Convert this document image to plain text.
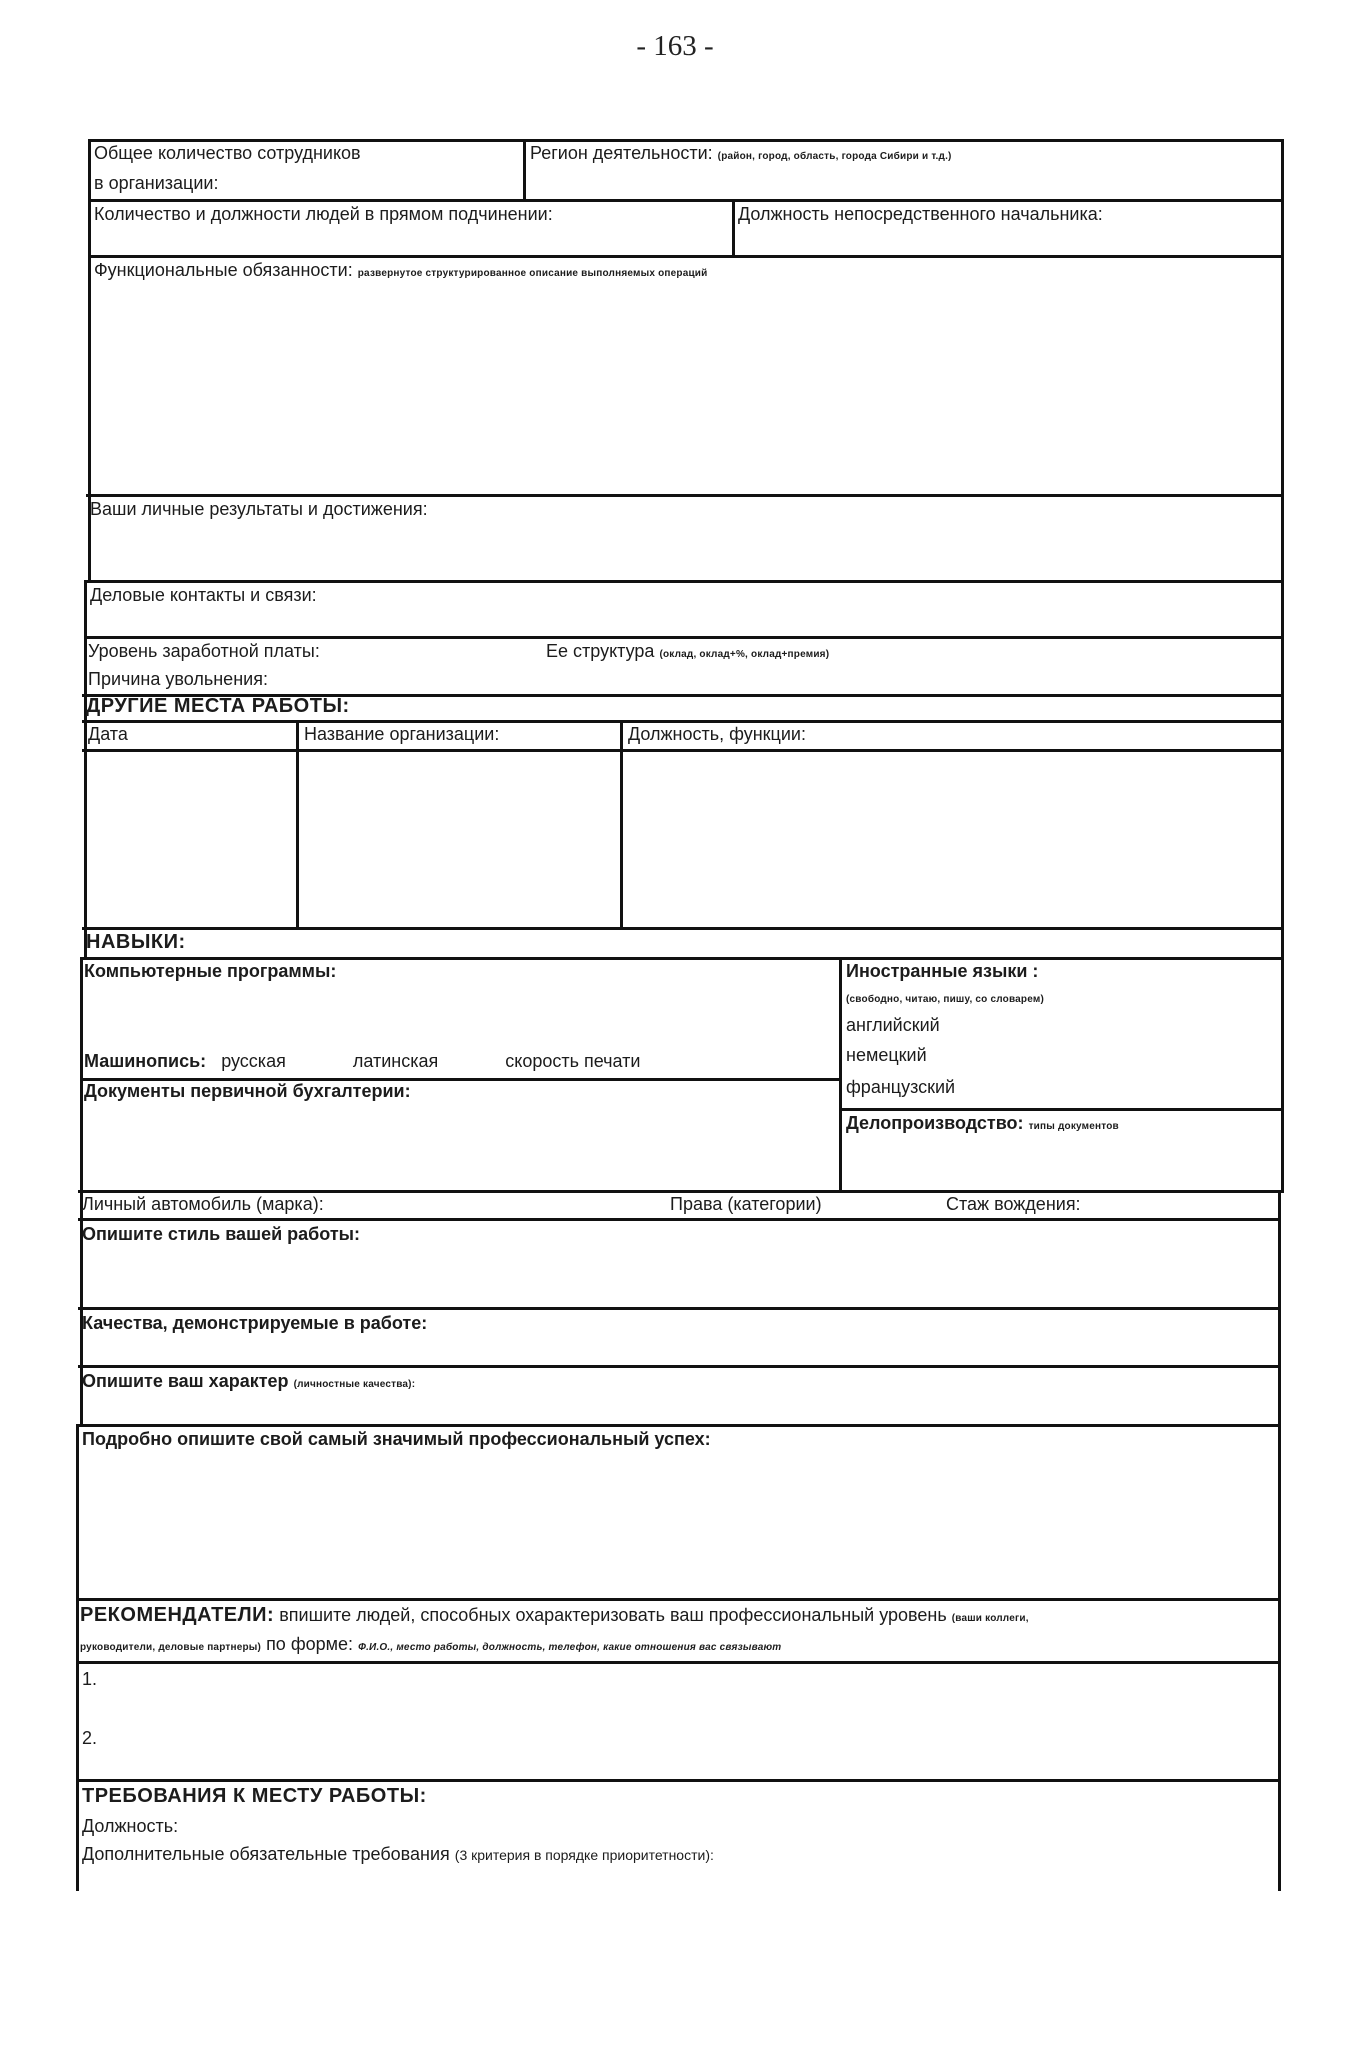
- 163 -
Общее количество сотрудников
в организации:
Регион деятельности: (район, город, область, города Сибири и т.д.)
Количество и должности людей в прямом подчинении:	Должность непосредственного начальника:
Функциональные обязанности: развернутое структурированное описание выполняемых операций
Ваши личные результаты и достижения:
Деловые контакты и связи:
Уровень заработной платы:	Ее структура (оклад, оклад+%, оклад+премия)
Причина увольнения:
ДРУГИЕ МЕСТА РАБОТЫ:
Дата	Название организации:	Должность, функции:
НАВЫКИ:
Компьютерные программы:	Иностранные языки :
(свободно, читаю, пишу, со словарем)
английский
немецкий
французский
Машинопись: русская	латинская	скорость печати
Документы первичной бухгалтерии:
Делопроизводство: типы документов
Личный автомобиль (марка):	Права (категории)	Стаж вождения:
Опишите стиль вашей работы:
Качества, демонстрируемые в работе:
Опишите ваш характер (личностные качества):
Подробно опишите свой самый значимый профессиональный успех:
РЕКОМЕНДАТЕЛИ: впишите людей, способных охарактеризовать ваш профессиональный уровень (ваши коллеги,
руководители, деловые партнеры) по форме: Ф.И.О., место работы, должность, телефон, какие отношения вас связывают
1.
2.
ТРЕБОВАНИЯ К МЕСТУ РАБОТЫ:
Должность:
Дополнительные обязательные требования (3 критерия в порядке приоритетности):
